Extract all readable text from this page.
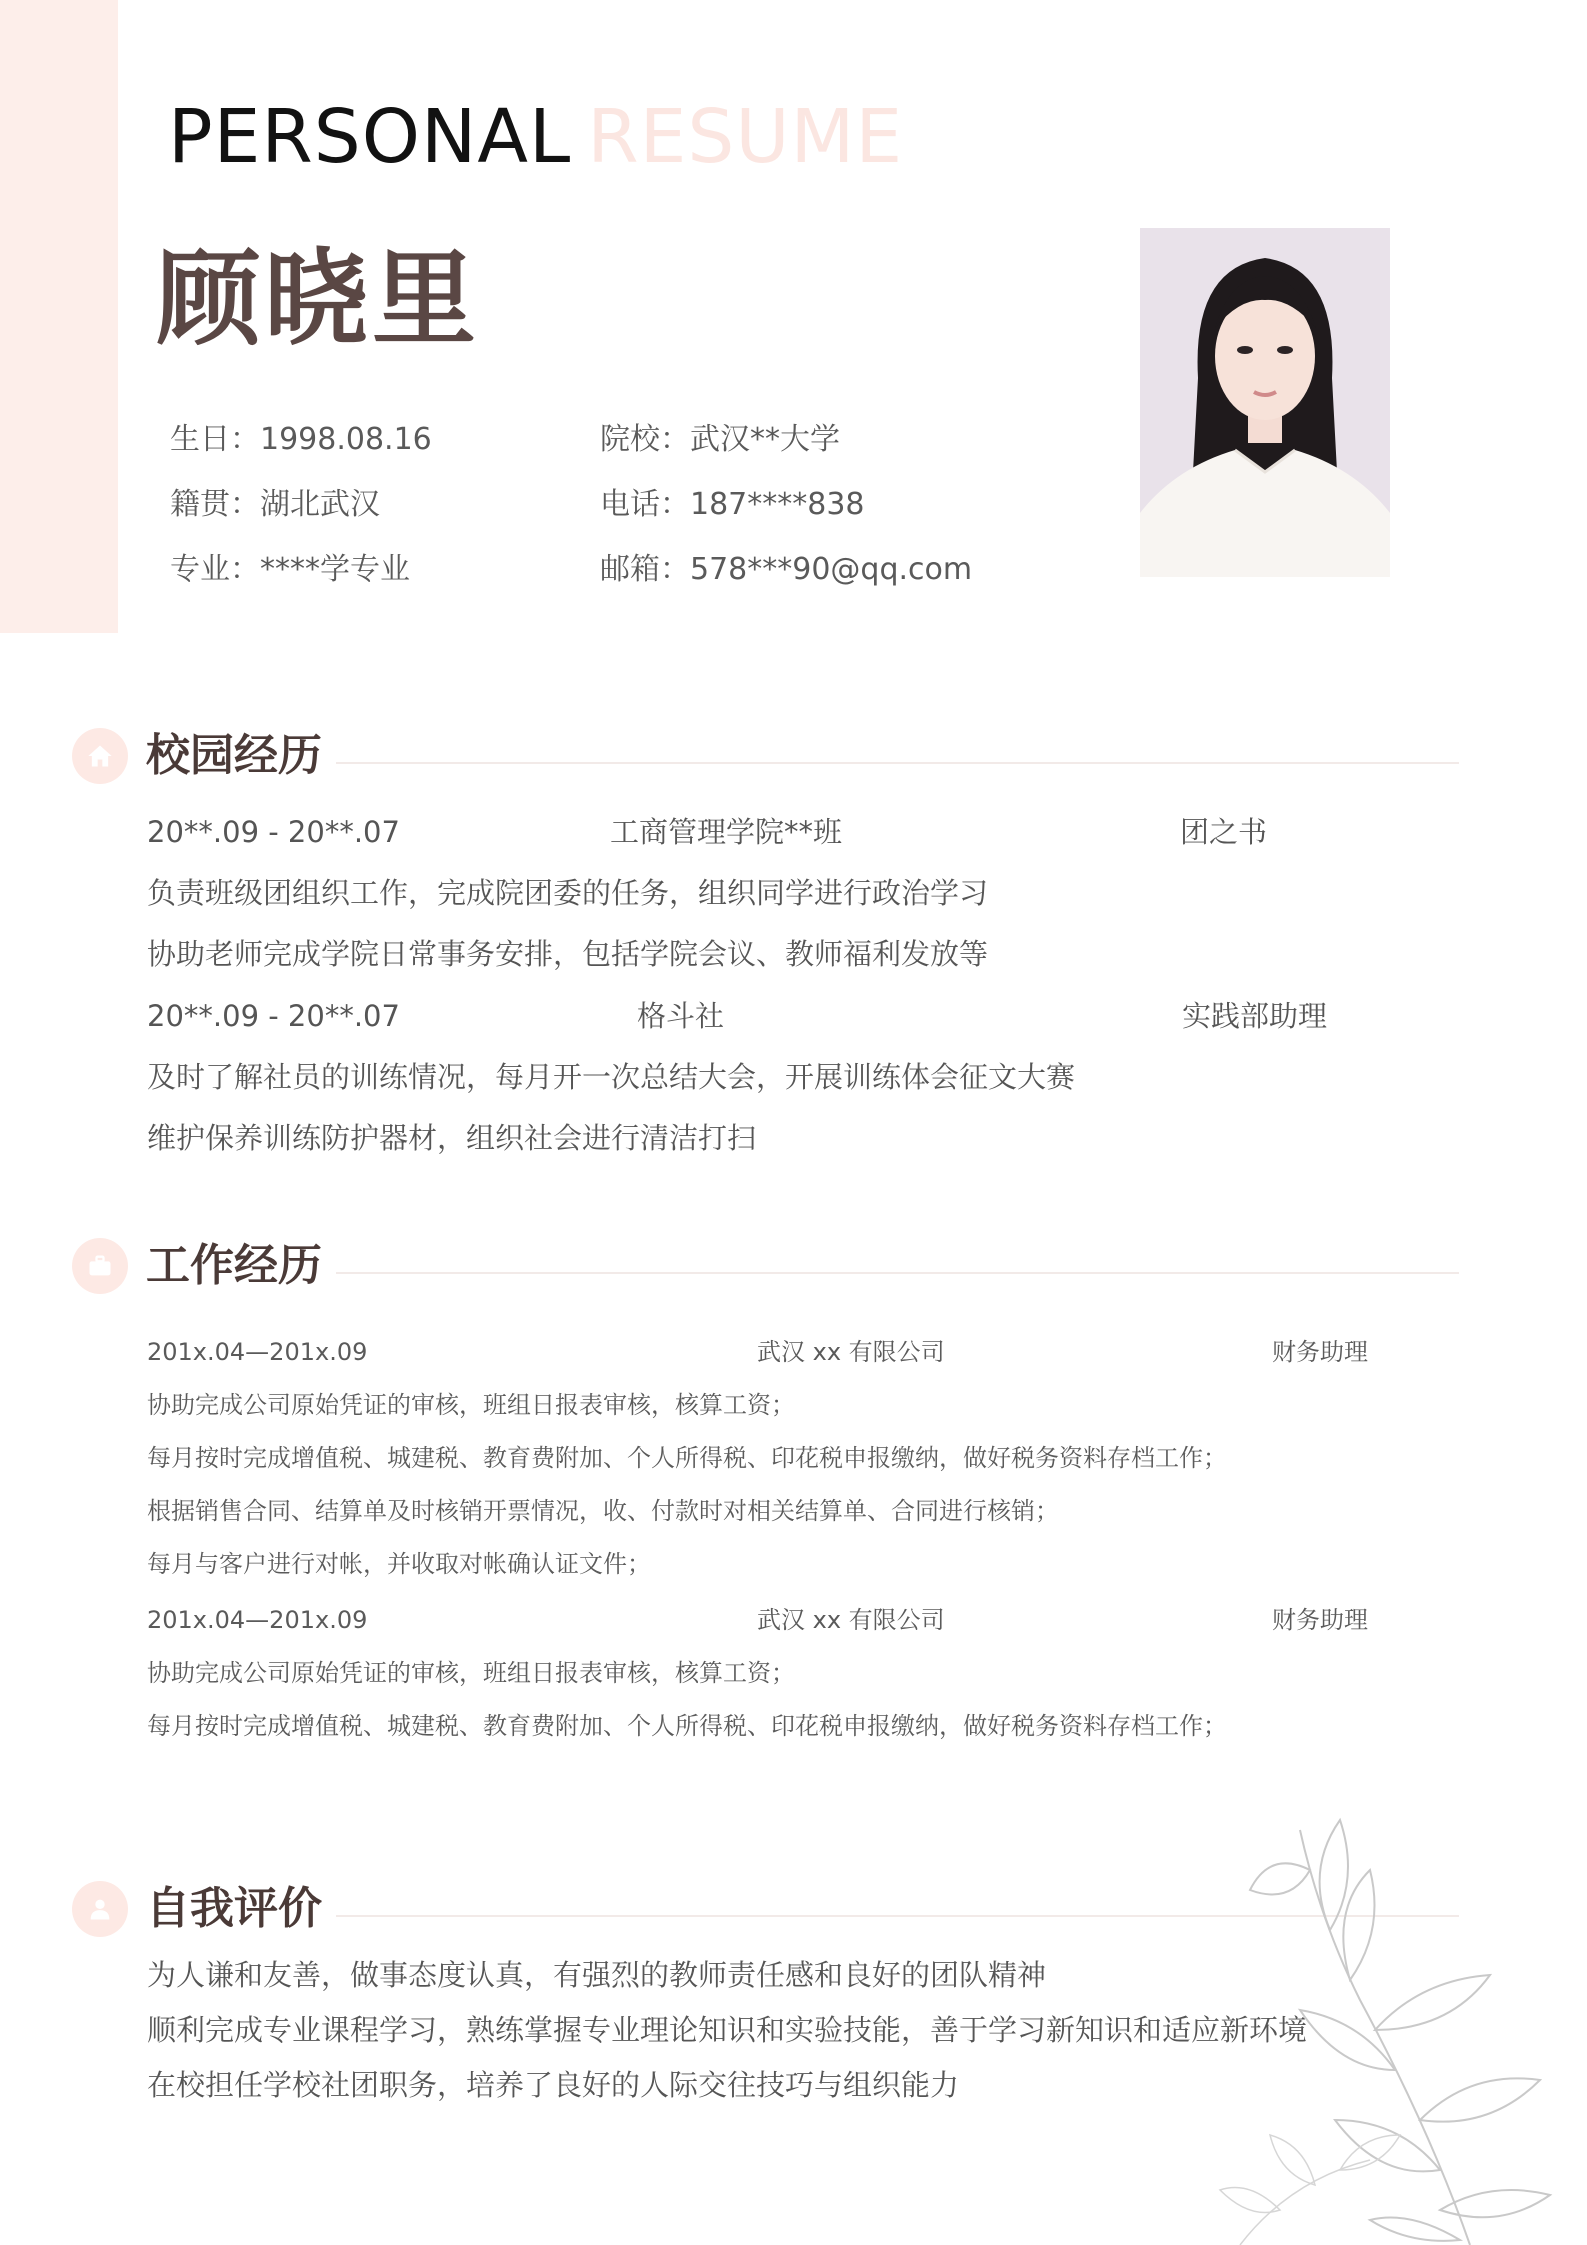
PERSONAL RESUME
顾晓里
生日：1998.08.16	院校：武汉**大学
籍贯：湖北武汉	电话：187****838
专业：****学专业	邮箱：578***90@qq.com
校园经历
20**.09 - 20**.07	工商管理学院**班	团之书
负责班级团组织工作，完成院团委的任务，组织同学进行政治学习
协助老师完成学院日常事务安排，包括学院会议、教师福利发放等
20**.09 - 20**.07	格斗社	实践部助理
及时了解社员的训练情况，每月开一次总结大会，开展训练体会征文大赛
维护保养训练防护器材，组织社会进行清洁打扫
工作经历
201x.04—201x.09	武汉 xx 有限公司	财务助理
协助完成公司原始凭证的审核，班组日报表审核，核算工资；
每月按时完成增值税、城建税、教育费附加、个人所得税、印花税申报缴纳，做好税务资料存档工作；
根据销售合同、结算单及时核销开票情况，收、付款时对相关结算单、合同进行核销；
每月与客户进行对帐，并收取对帐确认证文件；
201x.04—201x.09	武汉 xx 有限公司	财务助理
协助完成公司原始凭证的审核，班组日报表审核，核算工资；
每月按时完成增值税、城建税、教育费附加、个人所得税、印花税申报缴纳，做好税务资料存档工作；
自我评价
为人谦和友善，做事态度认真，有强烈的教师责任感和良好的团队精神
顺利完成专业课程学习，熟练掌握专业理论知识和实验技能，善于学习新知识和适应新环境
在校担任学校社团职务，培养了良好的人际交往技巧与组织能力
